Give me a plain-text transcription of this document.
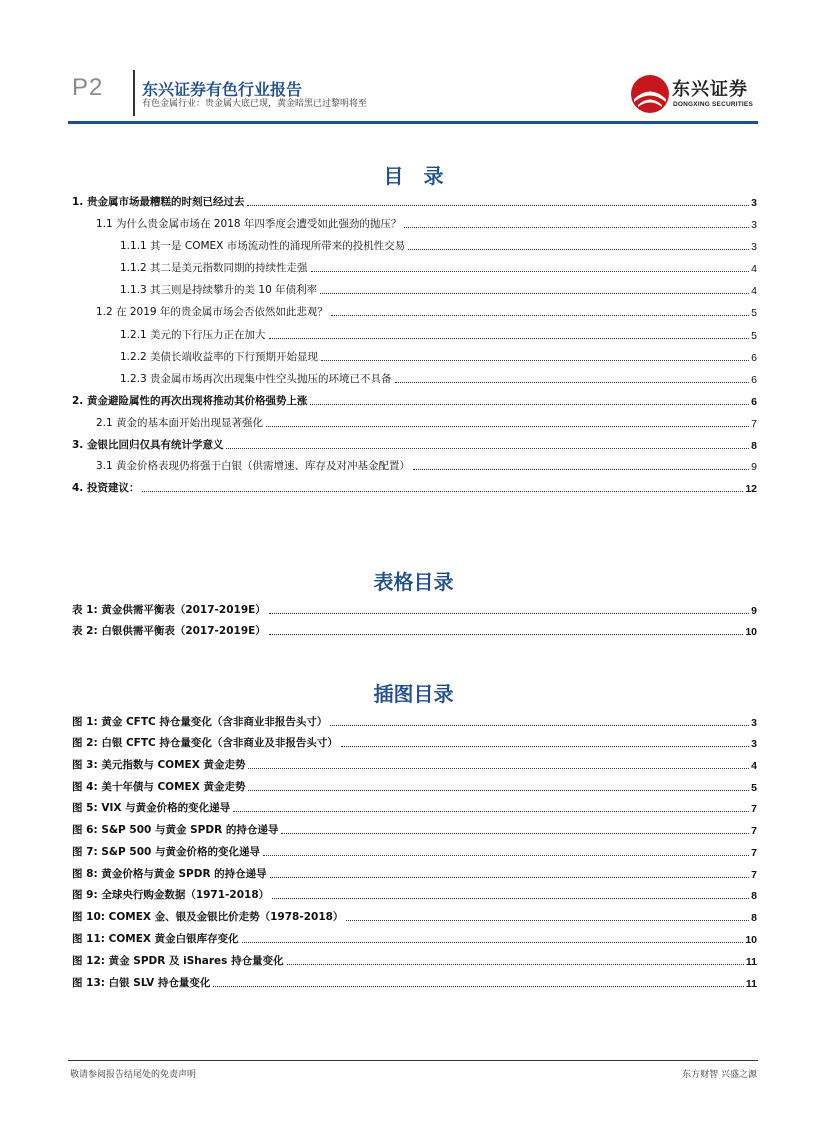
P2 东兴证券有色行业报告
有色金属行业：贵金属大底已现，黄金暗黑已过黎明将至
东兴证券
DONGXING SECURITIES
目　录
1. 贵金属市场最糟糕的时刻已经过去	3
1.1 为什么贵金属市场在 2018 年四季度会遭受如此强劲的抛压？	3
1.1.1 其一是 COMEX 市场流动性的涌现所带来的投机性交易	3
1.1.2 其二是美元指数同期的持续性走强	4
1.1.3 其三则是持续攀升的美 10 年债利率	4
1.2 在 2019 年的贵金属市场会否依然如此悲观？	5
1.2.1 美元的下行压力正在加大	5
1.2.2 美债长端收益率的下行预期开始显现	6
1.2.3 贵金属市场再次出现集中性空头抛压的环境已不具备	6
2. 黄金避险属性的再次出现将推动其价格强势上涨	6
2.1 黄金的基本面开始出现显著强化	7
3. 金银比回归仅具有统计学意义	8
3.1 黄金价格表现仍将强于白银（供需增速、库存及对冲基金配置）	9
4. 投资建议：	12
表格目录
表 1: 黄金供需平衡表（2017-2019E）	9
表 2: 白银供需平衡表（2017-2019E）	10
插图目录
图 1: 黄金 CFTC 持仓量变化（含非商业非报告头寸）	3
图 2: 白银 CFTC 持仓量变化（含非商业及非报告头寸）	3
图 3: 美元指数与 COMEX 黄金走势	4
图 4: 美十年债与 COMEX 黄金走势	5
图 5: VIX 与黄金价格的变化递导	7
图 6: S&P 500 与黄金 SPDR 的持仓递导	7
图 7: S&P 500 与黄金价格的变化递导	7
图 8: 黄金价格与黄金 SPDR 的持仓递导	7
图 9: 全球央行购金数据（1971-2018）	8
图 10: COMEX 金、银及金银比价走势（1978-2018）	8
图 11: COMEX 黄金白银库存变化	10
图 12: 黄金 SPDR 及 iShares 持仓量变化	11
图 13: 白银 SLV 持仓量变化	11
敬请参阅报告结尾处的免责声明	东方财智 兴盛之源
